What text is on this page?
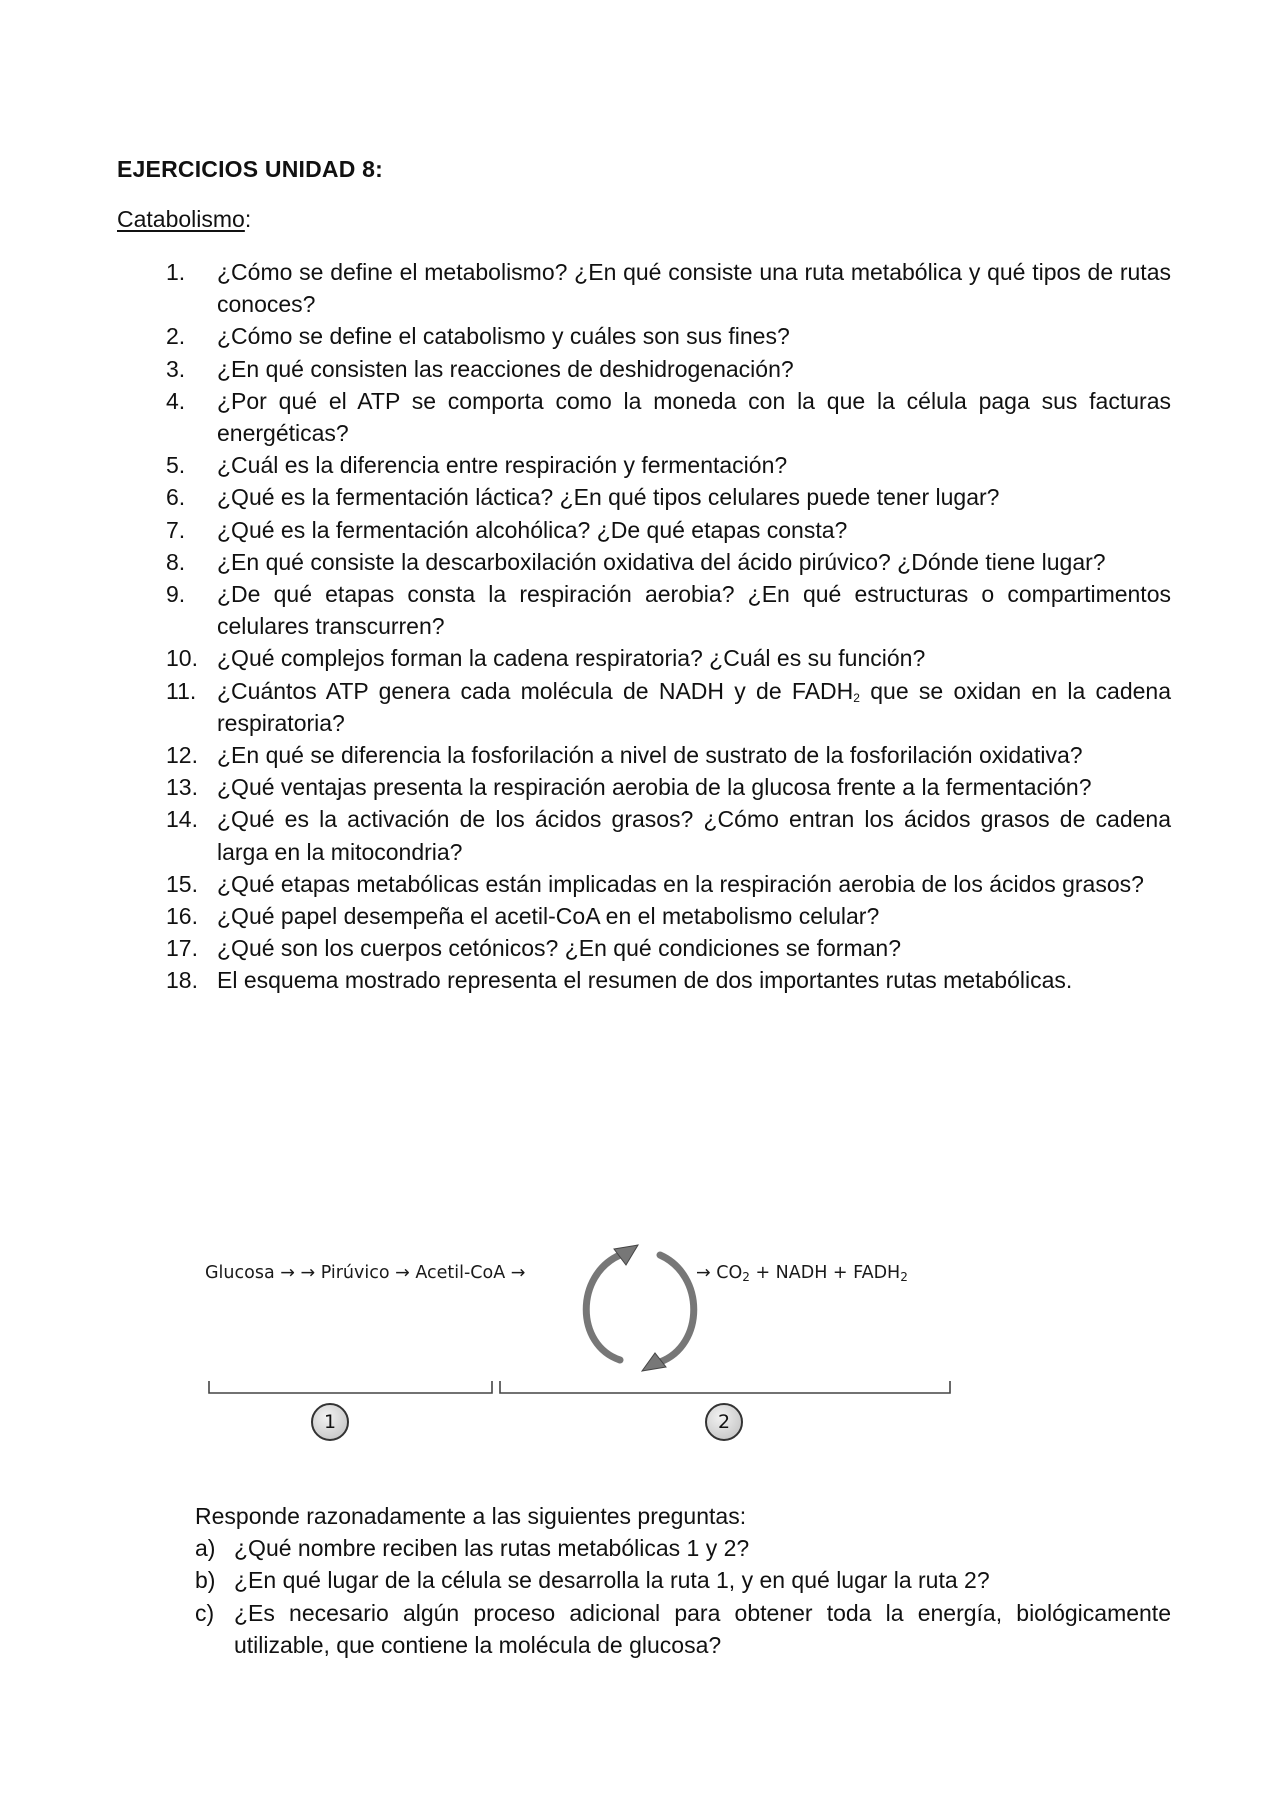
EJERCICIOS UNIDAD 8:
Catabolismo:
1.	¿Cómo se define el metabolismo? ¿En qué consiste una ruta metabólica y qué tipos de rutas conoces?
2.	¿Cómo se define el catabolismo y cuáles son sus fines?
3.	¿En qué consisten las reacciones de deshidrogenación?
4.	¿Por qué el ATP se comporta como la moneda con la que la célula paga sus facturas energéticas?
5.	¿Cuál es la diferencia entre respiración y fermentación?
6.	¿Qué es la fermentación láctica? ¿En qué tipos celulares puede tener lugar?
7.	¿Qué es la fermentación alcohólica? ¿De qué etapas consta?
8.	¿En qué consiste la descarboxilación oxidativa del ácido pirúvico? ¿Dónde tiene lugar?
9.	¿De qué etapas consta la respiración aerobia? ¿En qué estructuras o compartimentos celulares transcurren?
10. ¿Qué complejos forman la cadena respiratoria? ¿Cuál es su función?
11. ¿Cuántos ATP genera cada molécula de NADH y de $FADH_2$ que se oxidan en la cadena respiratoria?
12. ¿En qué se diferencia la fosforilación a nivel de sustrato de la fosforilación oxidativa?
13. ¿Qué ventajas presenta la respiración aerobia de la glucosa frente a la fermentación?
14. ¿Qué es la activación de los ácidos grasos? ¿Cómo entran los ácidos grasos de cadena larga en la mitocondria?
15. ¿Qué etapas metabólicas están implicadas en la respiración aerobia de los ácidos grasos?
16. ¿Qué papel desempeña el acetil-CoA en el metabolismo celular?
17. ¿Qué son los cuerpos cetónicos? ¿En qué condiciones se forman?
18. El esquema mostrado representa el resumen de dos importantes rutas metabólicas.
Glucosa → → Pirúvico → Acetil-CoA →	→ $CO_2$ + NADH + $FADH_2$
1	2
Responde razonadamente a las siguientes preguntas:
a) ¿Qué nombre reciben las rutas metabólicas 1 y 2?
b) ¿En qué lugar de la célula se desarrolla la ruta 1, y en qué lugar la ruta 2?
c) ¿Es necesario algún proceso adicional para obtener toda la energía, biológicamente utilizable, que contiene la molécula de glucosa?
